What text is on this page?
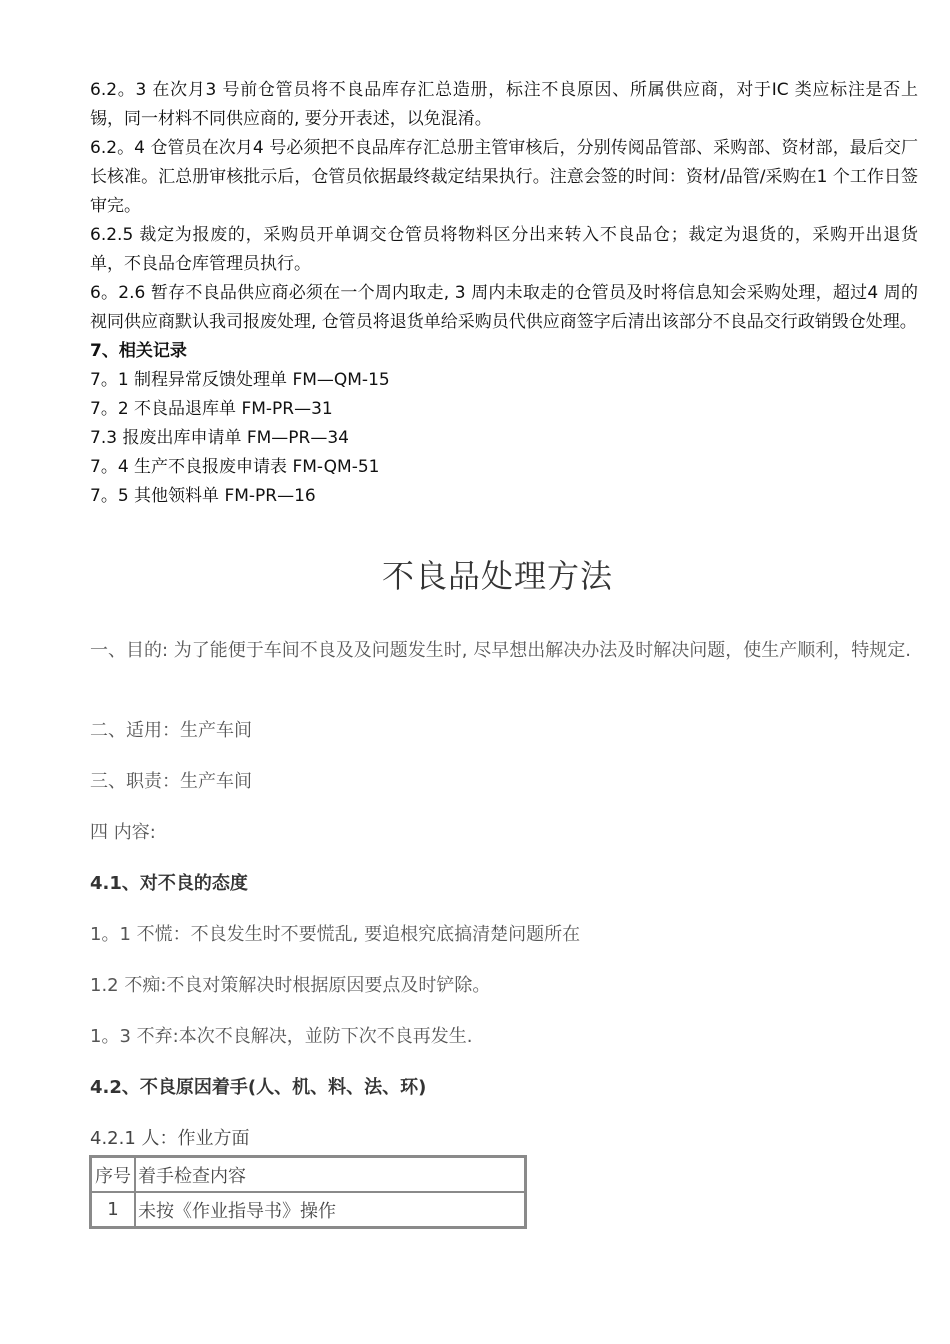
6.2。3 在次月3 号前仓管员将不良品库存汇总造册，标注不良原因、所属供应商，对于IC 类应标注是否上锡，同一材料不同供应商的, 要分开表述，以免混淆。

6.2。4 仓管员在次月4 号必须把不良品库存汇总册主管审核后，分别传阅品管部、采购部、资材部，最后交厂长核准。汇总册审核批示后，仓管员依据最终裁定结果执行。注意会签的时间：资材/品管/采购在1 个工作日签审完。

6.2.5 裁定为报废的，采购员开单调交仓管员将物料区分出来转入不良品仓；裁定为退货的，采购开出退货单，不良品仓库管理员执行。

6。2.6 暂存不良品供应商必须在一个周内取走, 3 周内未取走的仓管员及时将信息知会采购处理，超过4 周的视同供应商默认我司报废处理, 仓管员将退货单给采购员代供应商签字后清出该部分不良品交行政销毁仓处理。

7、相关记录

7。1 制程异常反馈处理单 FM—QM-15

7。2 不良品退库单 FM-PR—31

7.3 报废出库申请单 FM—PR—34

7。4 生产不良报废申请表 FM-QM-51

7。5 其他领料单 FM-PR—16

不良品处理方法

一、目的: 为了能便于车间不良及及问题发生时, 尽早想出解决办法及时解决问题，使生产顺利，特规定.

二、适用：生产车间

三、职责：生产车间

四 内容:

4.1、对不良的态度

1。1 不慌：不良发生时不要慌乱, 要追根究底搞清楚问题所在

1.2 不痴:不良对策解决时根据原因要点及时铲除。

1。3 不弃:本次不良解决，並防下次不良再发生.

4.2、不良原因着手(人、机、料、法、环)

4.2.1 人：作业方面

序号	着手检查内容
1	未按《作业指导书》操作
